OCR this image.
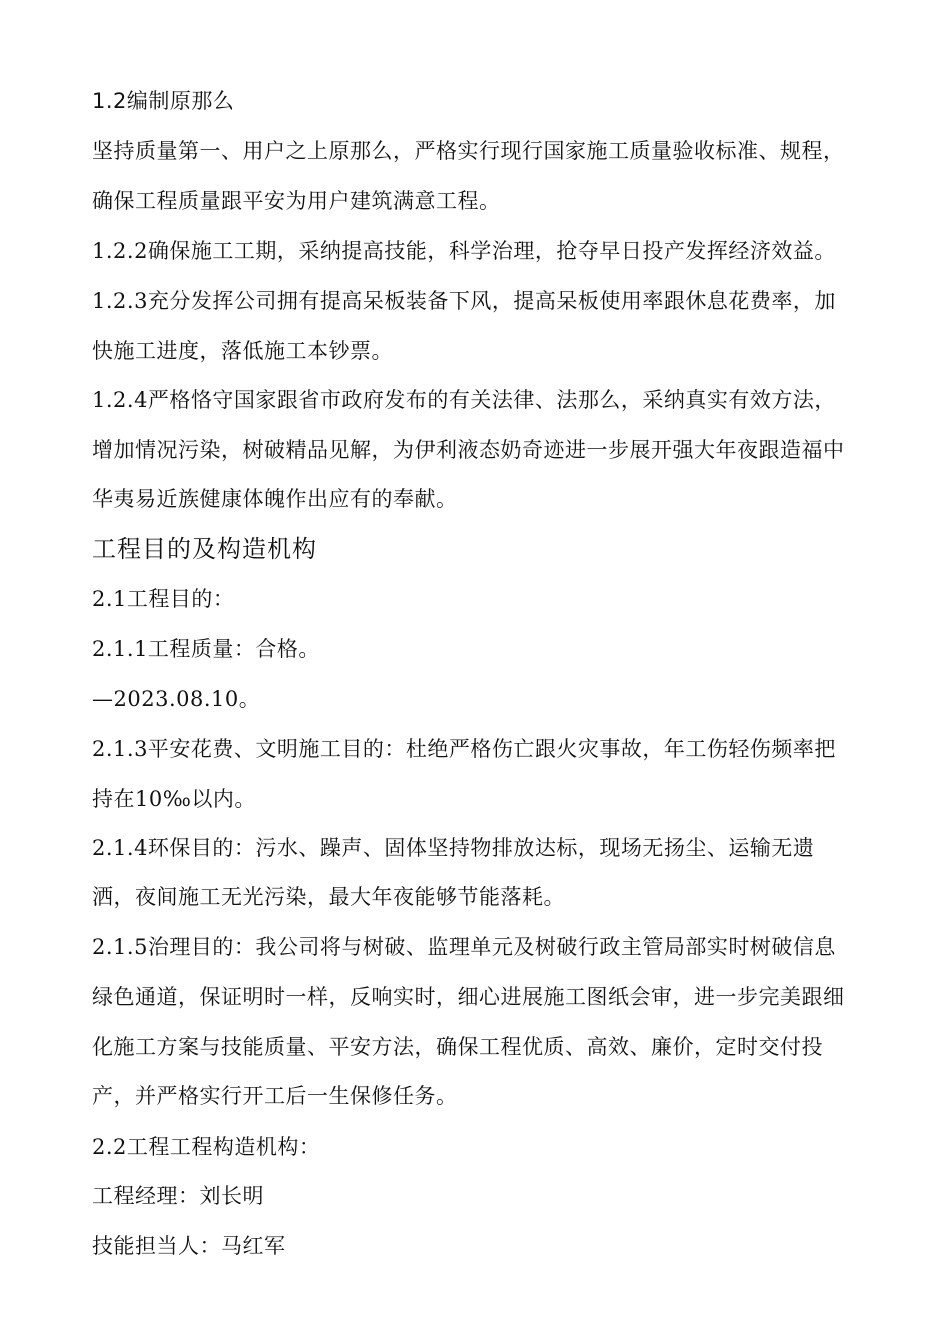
1.2编制原那么
坚持质量第一、用户之上原那么，严格实行现行国家施工质量验收标准、规程，
确保工程质量跟平安为用户建筑满意工程。
1.2.2确保施工工期，采纳提高技能，科学治理，抢夺早日投产发挥经济效益。
1.2.3充分发挥公司拥有提高呆板装备下风，提高呆板使用率跟休息花费率，加
快施工进度，落低施工本钞票。
1.2.4严格恪守国家跟省市政府发布的有关法律、法那么，采纳真实有效方法，
增加情况污染，树破精品见解，为伊利液态奶奇迹进一步展开强大年夜跟造福中
华夷易近族健康体魄作出应有的奉献。
工程目的及构造机构
2.1工程目的：
2.1.1工程质量：合格。
—2023.08.10。
2.1.3平安花费、文明施工目的：杜绝严格伤亡跟火灾事故，年工伤轻伤频率把
持在10‰以内。
2.1.4环保目的：污水、躁声、固体坚持物排放达标，现场无扬尘、运输无遗
洒，夜间施工无光污染，最大年夜能够节能落耗。
2.1.5治理目的：我公司将与树破、监理单元及树破行政主管局部实时树破信息
绿色通道，保证明时一样，反响实时，细心进展施工图纸会审，进一步完美跟细
化施工方案与技能质量、平安方法，确保工程优质、高效、廉价，定时交付投
产，并严格实行开工后一生保修任务。
2.2工程工程构造机构：
工程经理：刘长明
技能担当人：马红军
